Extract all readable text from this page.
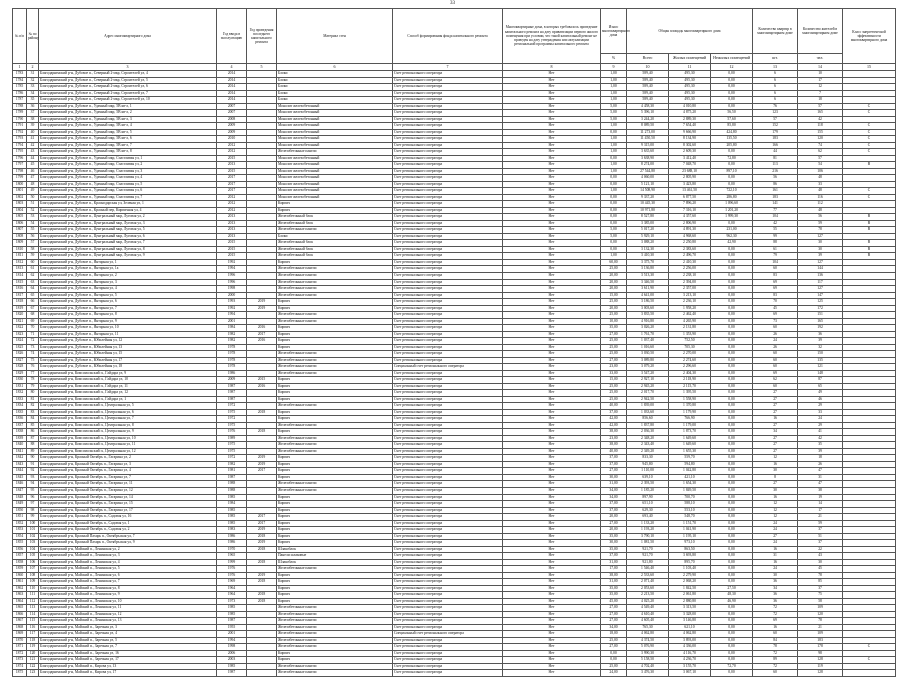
33
№ п/п	№ по району	Адрес многоквартирного дома	Год ввода в эксплуатацию	Год проведения последнего капитального ремонта	Материал стен	Способ формирования фонда капитального ремонта	Многоквартирные дома, в которых требовалось проведение капитального ремонта на дату приватизации первого жилого помещения при условии, что такой капитальный ремонт не проведен на дату утверждения или актуализации региональной программы капитального ремонта	Износ многоквартирного дома	Общая площадь многоквартирного дома			Количество квартир в многоквартирном доме	Количество жителей в многоквартирном доме	Класс энергетической эффективности многоквартирного дома
								%	Всего	Жилых помещений	Нежилых помещений	шт.	чел.	
1	2	3	4	5	6	7	8	9	10	11	12	13	14	15
1783	31	Благодарненский р-н, Дубовое п., Северный 2-мкр, Строителей ул, 4	2014		Блоки	Счет регионального оператора	Нет	1,00	589,40	495,30	0,00	6	10	
1784	32	Благодарненский р-н, Дубовое п., Северный 2-мкр, Строителей ул, 5	2014		Блоки	Счет регионального оператора	Нет	1,00	589,40	495,30	0,00	6	17	
1785	33	Благодарненский р-н, Дубовое п., Северный 2-мкр, Строителей ул, 6	2014		Блоки	Счет регионального оператора	Нет	1,00	589,40	495,30	0,00	6	12	
1786	34	Благодарненский р-н, Дубовое п., Северный 2-мкр, Строителей ул, 7	2014		Блоки	Счет регионального оператора	Нет	1,00	589,40	495,30	0,00	6	7	
1787	35	Благодарненский р-н, Дубовое п., Северный 2-мкр, Строителей ул, 10	2014		Блоки	Счет регионального оператора	Нет	1,00	589,40	495,30	0,00	6	18	
1788	36	Благодарненский р-н, Дубовое п., Удачный мкр, 5В кв-л, 1	2007		Монолит железобетонный	Счет регионального оператора	Нет	5,00	4 458,30	4 010,80	0,00	76	57	C
1789	37	Благодарненский р-н, Дубовое п., Удачный мкр, 5В кв-л, 2	2007		Монолит железобетонный	Счет регионального оператора	Нет	5,00	5 396,10	4 875,20	56,50	123	165	C
1790	38	Благодарненский р-н, Дубовое п., Удачный мкр, 5В кв-л, 3	2008		Монолит железобетонный	Счет регионального оператора	Нет	5,00	3 244,20	2 889,30	57,60	57	42	
1791	39	Благодарненский р-н, Дубовое п., Удачный мкр, 5В кв-л, 4	2009		Монолит железобетонный	Счет регионального оператора	Нет	1,00	8 089,50	7 654,40	85,80	152	118	C
1792	40	Благодарненский р-н, Дубовое п., Удачный мкр, 5В кв-л, 5	2009		Монолит железобетонный	Счет регионального оператора	Нет	0,00	11 273,00	9 666,90	424,80	179	155	C
1793	41	Благодарненский р-н, Дубовое п., Удачный мкр, 5В кв-л, 6	2010		Монолит железобетонный	Счет регионального оператора	Нет	1,00	11 450,50	8 134,90	135,50	183	120	C
1794	42	Благодарненский р-н, Дубовое п., Удачный мкр, 5В кв-л, 7	2012		Монолит железобетонный	Счет регионального оператора	Нет	1,00	9 315,00	8 302,60	205,80	166	74	C
1795	43	Благодарненский р-н, Дубовое п., Удачный мкр, 5В кв-л, 8	2012		Железобетонные панели	Счет регионального оператора	Нет	1,00	3 635,60	2 609,30	0,00	44	62	C
1796	44	Благодарненский р-н, Дубовое п., Удачный мкр, Счастливая ул, 1	2015		Монолит железобетонный	Счет регионального оператора	Нет	0,00	3 638,90	3 412,40	72,80	81	57	
1797	45	Благодарненский р-н, Дубовое п., Удачный мкр, Счастливая ул, 2	2013		Монолит железобетонный	Счет регионального оператора	Нет	1,00	8 274,00	7 048,70	0,00	113	54	B
1798	46	Благодарненский р-н, Дубовое п., Удачный мкр, Счастливая ул, 3	2015		Монолит железобетонный	Счет регионального оператора	Нет	1,00	27 544,80	23 688,10	897,10	216	106	
1799	47	Благодарненский р-н, Дубовое п., Удачный мкр, Счастливая ул, 4	2017		Монолит железобетонный	Счет регионального оператора	Нет	0,00	4 060,00	2 805,90	0,00	56	48	
1800	48	Благодарненский р-н, Дубовое п., Удачный мкр, Счастливая ул, 5	2017		Монолит железобетонный	Счет регионального оператора	Нет	0,00	5 121,10	3 423,80	0,00	86	33	
1801	49	Благодарненский р-н, Дубовое п., Удачный мкр, Счастливая ул, 6	2017		Монолит железобетонный	Счет регионального оператора	Нет	1,00	14 508,90	13 461,50	722,10	161	48	C
1802	50	Благодарненский р-н, Дубовое п., Удачный мкр, Счастливая ул, 7	2012		Монолит железобетонный	Счет регионального оператора	Нет	0,00	9 337,20	6 877,50	286,80	183	116	C
1803	51	Благодарненский р-н, Дубовое п., Краснодарская ул, Зеленая ул, 1	2012		Кирпич	Счет регионального оператора	Нет	0,00	10 445,30	7 896,20	1 096,60	141	112	
1804	52	Благодарненский р-н, Дубовое п., Красный пер, Кирпичная ул, 4	2012		Кирпич	Счет регионального оператора	Нет	0,00	10 971,80	7 316,10	1 201,20	77	48	
1805	53	Благодарненский р-н, Дубовое п., Центральный мкр, Луговая ул, 2	2013		Железобетонный блок	Счет регионального оператора	Нет	0,00	8 527,80	4 357,60	1 999,30	104	56	B
1806	54	Благодарненский р-н, Дубовое п., Центральный мкр, Луговая ул, 3	2013		Железобетонный блок	Счет регионального оператора	Нет	0,00	3 385,00	2 806,90	0,00	42	59	B
1807	55	Благодарненский р-н, Дубовое п., Центральный мкр, Луговая ул, 5	2013		Железобетонные панели	Счет регионального оператора	Нет	5,00	5 017,20	4 891,30	231,00	55	78	B
1808	56	Благодарненский р-н, Дубовое п., Центральный мкр, Луговая ул, 6	2013		Блоки	Счет регионального оператора	Нет	5,00	5 929,10	4 968,60	962,30	99	127	
1809	57	Благодарненский р-н, Дубовое п., Центральный мкр, Луговая ул, 7	2015		Железобетонный блок	Счет регионального оператора	Нет	0,00	3 088,20	2 250,80	42,90	88	30	B
1810	58	Благодарненский р-н, Дубовое п., Центральный мкр, Луговая ул, 8	2015		Железобетонный блок	Счет регионального оператора	Нет	0,00	3 132,30	2 383,60	0,00	61	30	B
1811	59	Благодарненский р-н, Дубовое п., Центральный мкр, Луговая ул, 9	2015		Железобетонный блок	Счет регионального оператора	Нет	1,00	3 410,30	2 496,70	0,00	79	39	B
1812	60	Благодарненский р-н, Дубовое п., Янтарная ул, 1	1992		Кирпич	Счет регионального оператора	Нет	60,00	3 375,70	2 410,30	0,00	104	127	
1813	61	Благодарненский р-н, Дубовое п., Янтарная ул, 1а	1994		Железобетонные панели	Счет регионального оператора	Нет	25,00	3 136,80	2 256,00	0,00	60	144	
1814	62	Благодарненский р-н, Дубовое п., Янтарная ул, 2	1996		Железобетонные панели	Счет регионального оператора	Нет	20,00	3 513,30	2 238,10	0,00	83	136	
1815	63	Благодарненский р-н, Дубовое п., Янтарная ул, 3	1996		Железобетонные панели	Счет регионального оператора	Нет	20,00	3 346,50	2 394,00	0,00	69	117	
1816	64	Благодарненский р-н, Дубовое п., Янтарная ул, 4	1998		Железобетонные панели	Счет регионального оператора	Нет	20,00	3 611,90	2 357,00	0,00	69	127	
1817	65	Благодарненский р-н, Дубовое п., Янтарная ул, 5	2000		Железобетонные панели	Счет регионального оператора	Нет	15,00	4 641,00	3 213,10	0,00	83	147	
1818	66	Благодарненский р-н, Дубовое п., Янтарная ул, 6	1993	2019	Кирпич	Счет регионального оператора	Нет	25,00	3 186,50	2 236,10	0,00	70	125	
1819	67	Благодарненский р-н, Дубовое п., Янтарная ул, 7	1992	2019	Кирпич	Счет регионального оператора	Нет	20,00	3 003,60	1 958,20	0,00	45	172	
1820	68	Благодарненский р-н, Дубовое п., Янтарная ул, 8	1994		Железобетонные панели	Счет регионального оператора	Нет	25,00	3 835,50	2 462,40	0,00	69	151	
1821	69	Благодарненский р-н, Дубовое п., Янтарная ул, 9	2001		Железобетонные панели	Счет регионального оператора	Нет	10,00	4 916,80	4 265,90	0,00	73	165	
1822	70	Благодарненский р-н, Дубовое п., Янтарная ул, 10	1984	2016	Кирпич	Счет регионального оператора	Нет	35,00	3 026,20	2 131,80	0,00	60	192	
1823	71	Благодарненский р-н, Дубовое п., Янтарная ул, 11	1982	2017	Кирпич	Счет регионального оператора	Нет	27,00	1 761,70	1 353,90	0,00	26	36	
1824	72	Благодарненский р-н, Дубовое п., Юбилейная ул, 12	1982	2016	Кирпич	Счет регионального оператора	Нет	25,00	1 037,40	752,50	0,00	24	39	
1825	73	Благодарненский р-н, Дубовое п., Юбилейная ул, 13	1978		Кирпич	Счет регионального оператора	Нет	25,00	1 016,60	705,30	0,00	26	32	
1826	74	Благодарненский р-н, Дубовое п., Юбилейная ул, 15	1978		Железобетонные панели	Счет регионального оператора	Нет	25,00	3 030,50	2 270,00	0,00	60	150	
1827	75	Благодарненский р-н, Дубовое п., Юбилейная ул, 17	1978		Железобетонные панели	Счет регионального оператора	Нет	27,00	3 089,80	2 274,60	0,00	60	135	
1828	76	Благодарненский р-н, Дубовое п., Юбилейная ул, 18	1978		Железобетонные панели	Специальный счет регионального оператора	Нет	23,00	3 079,20	2 296,60	0,00	60	121	
1829	77	Благодарненский р-н, Комсомольский п., Гайдара ул, 9	1986		Железобетонные панели	Счет регионального оператора	Нет	33,00	3 547,20	2 404,30	0,00	69	148	
1830	78	Благодарненский р-н, Комсомольский п., Гайдара ул, 10	2009	2015	Кирпич	Счет регионального оператора	Нет	15,00	2 927,10	2 118,90	0,00	62	87	
1831	79	Благодарненский р-н, Комсомольский п., Гайдара ул, 11	1987	2016	Кирпич	Счет регионального оператора	Нет	25,00	2 945,20	2 115,70	0,00	60	65	
1832	80	Благодарненский р-н, Комсомольский п., Гайдара ул, 12	1987		Кирпич	Счет регионального оператора	Нет	25,00	2 017,70	1 395,50	0,00	27	49	
1833	81	Благодарненский р-н, Комсомольский п., Гайдара ул, 1	1987		Кирпич	Счет регионального оператора	Нет	25,00	2 942,50	1 558,90	0,00	27	46	
1834	82	Благодарненский р-н, Комсомольский п., Центральная ул, 5	1972		Железобетонные панели	Счет регионального оператора	Нет	40,00	1 839,00	1 370,80	0,00	27	29	
1835	83	Благодарненский р-н, Комсомольский п., Центральная ул, 6	1975	2018	Кирпич	Счет регионального оператора	Нет	37,00	1 033,60	1 179,90	0,00	27	33	
1836	84	Благодарненский р-н, Комсомольский п., Центральная ул, 7	1972		Кирпич	Счет регионального оператора	Нет	42,00	856,60	766,90	0,00	16	24	
1837	85	Благодарненский р-н, Комсомольский п., Центральная ул, 8	1975		Железобетонные панели	Счет регионального оператора	Нет	42,00	1 837,80	1 179,00	0,00	27	29	
1838	86	Благодарненский р-н, Комсомольский п., Центральная ул, 9	1976	2018	Кирпич	Счет регионального оператора	Нет	38,00	2 036,30	1 873,70	0,00	34	41	
1839	87	Благодарненский р-н, Комсомольский п., Центральная ул, 10	1989		Железобетонные панели	Счет регионального оператора	Нет	23,00	2 348,20	1 649,60	0,00	27	42	
1840	88	Благодарненский р-н, Комсомольский п., Центральная ул, 11	1975		Железобетонные панели	Счет регионального оператора	Нет	38,00	2 343,40	1 649,60	0,00	27	35	
1841	89	Благодарненский р-н, Комсомольский п., Центральная ул, 12	1975		Железобетонные панели	Счет регионального оператора	Нет	40,00	2 349,20	1 655,30	0,00	27	39	
1842	90	Благодарненский р-н, Красный Октябрь п., Гагарина ул, 2	1972	2019	Кирпич	Счет регионального оператора	Нет	37,00	833,30	559,70	0,00	12	18	
1843	91	Благодарненский р-н, Красный Октябрь п., Гагарина ул, 3	1982	2019	Кирпич	Счет регионального оператора	Нет	37,00	945,80	594,80	0,00	16	26	
1844	92	Благодарненский р-н, Красный Октябрь п., Гагарина ул, 4	1981	2017	Кирпич	Счет регионального оператора	Нет	27,00	1 110,00	1 042,80	0,00	30	47	
1845	93	Благодарненский р-н, Красный Октябрь п., Гагарина ул, 7	1987		Кирпич	Счет регионального оператора	Нет	30,00	639,10	421,10	0,00	8	31	
1846	94	Благодарненский р-н, Красный Октябрь п., Гагарина ул, 11	1988		Железобетонные панели	Счет регионального оператора	Нет	31,00	2 393,50	1 654,30	0,00	27	47	
1847	95	Благодарненский р-н, Красный Октябрь п., Гагарина ул, 12	1988		Железобетонные панели	Счет регионального оператора	Нет	34,00	1 185,20	1 849,50	0,00	30	38	
1848	96	Благодарненский р-н, Красный Октябрь п., Гагарина ул, 14	1985		Кирпич	Счет регионального оператора	Нет	34,00	897,90	700,70	0,00	16	19	
1849	97	Благодарненский р-н, Красный Октябрь п., Гагарина ул, 15	1984		Кирпич	Счет регионального оператора	Нет	37,00	651,10	588,10	0,00	12	14	
1850	98	Благодарненский р-н, Красный Октябрь п., Гагарина ул, 17	1985		Кирпич	Счет регионального оператора	Нет	37,00	629,30	553,10	0,00	12	17	
1851	99	Благодарненский р-н, Красный Октябрь п., Садовая ул, 16	1985	2017	Кирпич	Счет регионального оператора	Нет	20,00	693,40	548,70	0,00	12	21	
1852	100	Благодарненский р-н, Красный Октябрь п., Садовая ул, 1	1985	2017	Кирпич	Счет регионального оператора	Нет	27,00	1 133,20	1 151,70	0,00	24	59	
1853	101	Благодарненский р-н, Красный Октябрь п., Садовая ул, 2	1983	2019	Кирпич	Счет регионального оператора	Нет	20,00	1 193,20	1 041,90	0,00	24	37	
1854	102	Благодарненский р-н, Красный Пахарь п., Октябрьская ул, 7	1986	2018	Кирпич	Счет регионального оператора	Нет	35,00	3 790,10	1 195,10	0,00	27	51	
1855	103	Благодарненский р-н, Красный Пахарь п., Октябрьская ул, 9	1986	2019	Кирпич	Счет регионального оператора	Нет	30,00	1 081,50	973,10	0,00	24	37	
1856	104	Благодарненский р-н, Майский п., Ленинская ул, 2	1970	2018	Шлакоблок	Счет регионального оператора	Нет	35,00	921,70	863,50	0,00	16	22	
1857	105	Благодарненский р-н, Майский п., Ленинская ул, 3	1965		Панели шлаковые	Счет регионального оператора	Нет	37,00	921,70	3 693,80	0,00	31	43	
1858	106	Благодарненский р-н, Майский п., Ленинская ул, 4	1999	2018	Шлакоблок	Счет регионального оператора	Нет	31,00	921,80	895,70	0,00	16	30	
1859	107	Благодарненский р-н, Майский п., Ленинская ул, 5	1976		Железобетонные панели	Счет регионального оператора	Нет	17,00	1 546,40	1 103,40	0,00	24	45	
1860	108	Благодарненский р-н, Майский п., Ленинская ул, 6	1976	2019	Кирпич	Счет регионального оператора	Нет	38,00	2 533,60	2 279,90	0,00	30	78	
1861	109	Благодарненский р-н, Майский п., Ленинская ул, 7	1969	2018	Кирпич	Счет регионального оператора	Нет	31,00	2 071,40	2 068,20	0,00	36	85	
1862	110	Благодарненский р-н, Майский п., Ленинская ул, 8	1964		Кирпич	Счет регионального оператора	Нет	35,00	2 053,60	1 842,50	27,50	34	37	
1863	111	Благодарненский р-н, Майский п., Ленинская ул, 9	1964	2018	Кирпич	Счет регионального оператора	Нет	35,00	2 213,50	2 061,80	48,30	36	75	
1864	112	Благодарненский р-н, Майский п., Ленинская ул, 10	1973	2018	Кирпич	Счет регионального оператора	Нет	45,00	4 025,20	2 880,80	46,90	36	58	
1865	113	Благодарненский р-н, Майский п., Ленинская ул, 11	1985		Железобетонные панели	Счет регионального оператора	Нет	27,00	4 549,40	3 313,50	0,00	72	109	
1866	114	Благодарненский р-н, Майский п., Ленинская ул, 12	1985		Железобетонные панели	Счет регионального оператора	Нет	27,00	4 610,40	3 328,00	0,00	72	120	
1867	115	Благодарненский р-н, Майский п., Ленинская ул, 13	1987		Железобетонные панели	Счет регионального оператора	Нет	27,00	4 605,40	3 146,80	0,00	69	78	
1868	116	Благодарненский р-н, Майский п., Заречная ул, 3	1955		Железобетонные панели	Счет регионального оператора	Нет	34,00	765,30	621,10	0,00	16	21	
1869	117	Благодарненский р-н, Майский п., Заречная ул, 4	2001		Железобетонные панели	Специальный счет регионального оператора	Нет	18,00	4 062,80	4 062,80	0,00	60	109	
1870	118	Благодарненский р-н, Майский п., Заречная ул, 5	1994		Железобетонные панели	Счет регионального оператора	Нет	25,00	4 374,50	3 893,00	0,00	84	183	
1871	119	Благодарненский р-н, Майский п., Заречная ул, 7	1998		Железобетонные панели	Счет регионального оператора	Нет	27,00	5 076,90	4 336,00	0,00	78	178	C
1872	120	Благодарненский р-н, Майский п., Заречная ул, 16	2006		Кирпич	Счет регионального оператора	Нет	0,00	3 990,30	4 116,70	0,00	72	98	
1873	121	Благодарненский р-н, Майский п., Заречная ул, 17	2003		Кирпич	Счет регионального оператора	Нет	0,00	5 158,50	4 236,70	0,00	89	128	C
1874	122	Благодарненский р-н, Майский п., Кирова ул, 13	1985		Железобетонные панели	Счет регионального оператора	Нет	25,00	4 702,40	3 155,70	72,70	72	119	
1875	123	Благодарненский р-н, Майский п., Кирова ул, 17	1987		Железобетонные панели	Счет регионального оператора	Нет	24,00	3 476,30	3 067,10	0,00	60	128	
